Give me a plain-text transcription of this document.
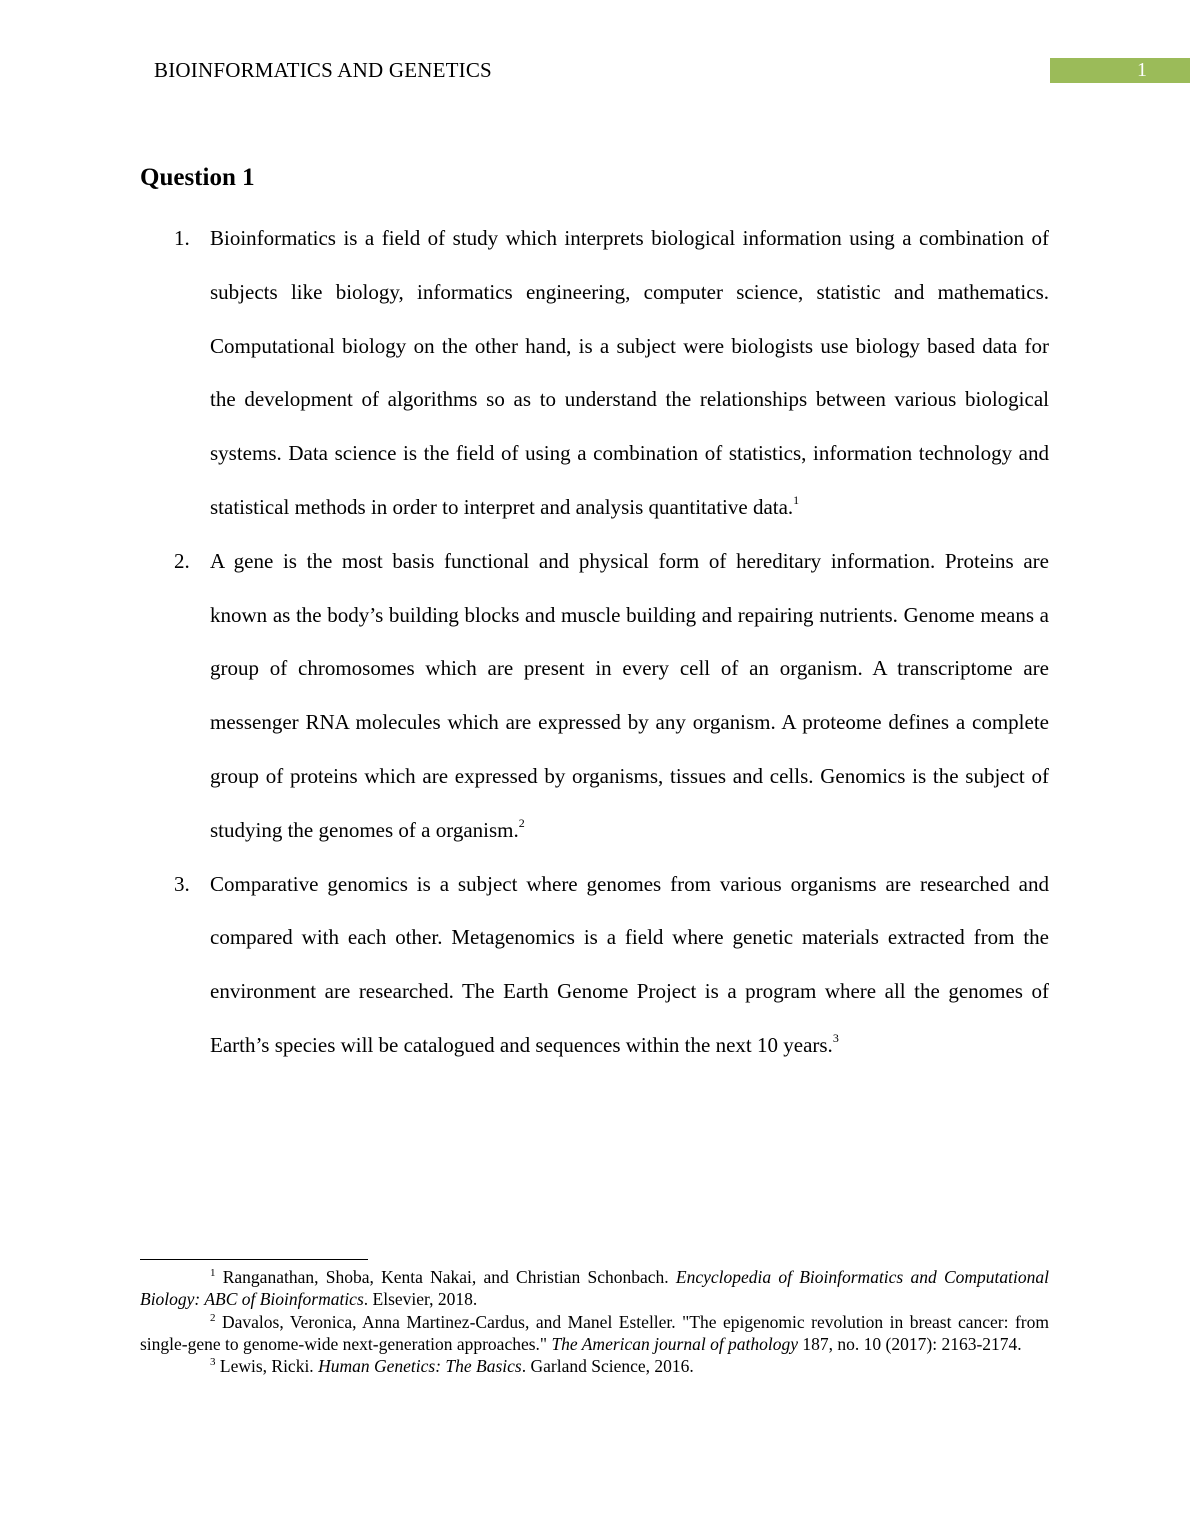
BIOINFORMATICS AND GENETICS	1
Question 1
1. Bioinformatics is a field of study which interprets biological information using a combination of subjects like biology, informatics engineering, computer science, statistic and mathematics. Computational biology on the other hand, is a subject were biologists use biology based data for the development of algorithms so as to understand the relationships between various biological systems. Data science is the field of using a combination of statistics, information technology and statistical methods in order to interpret and analysis quantitative data.$^1$

2. A gene is the most basis functional and physical form of hereditary information. Proteins are known as the body’s building blocks and muscle building and repairing nutrients. Genome means a group of chromosomes which are present in every cell of an organism. A transcriptome are messenger RNA molecules which are expressed by any organism. A proteome defines a complete group of proteins which are expressed by organisms, tissues and cells. Genomics is the subject of studying the genomes of a organism.$^2$

3. Comparative genomics is a subject where genomes from various organisms are researched and compared with each other. Metagenomics is a field where genetic materials extracted from the environment are researched. The Earth Genome Project is a program where all the genomes of Earth’s species will be catalogued and sequences within the next 10 years.$^3$

$^1$ Ranganathan, Shoba, Kenta Nakai, and Christian Schonbach. Encyclopedia of Bioinformatics and Computational Biology: ABC of Bioinformatics. Elsevier, 2018.

$^2$ Davalos, Veronica, Anna Martinez-Cardus, and Manel Esteller. "The epigenomic revolution in breast cancer: from single-gene to genome-wide next-generation approaches." The American journal of pathology 187, no. 10 (2017): 2163-2174.

$^3$ Lewis, Ricki. Human Genetics: The Basics. Garland Science, 2016.
